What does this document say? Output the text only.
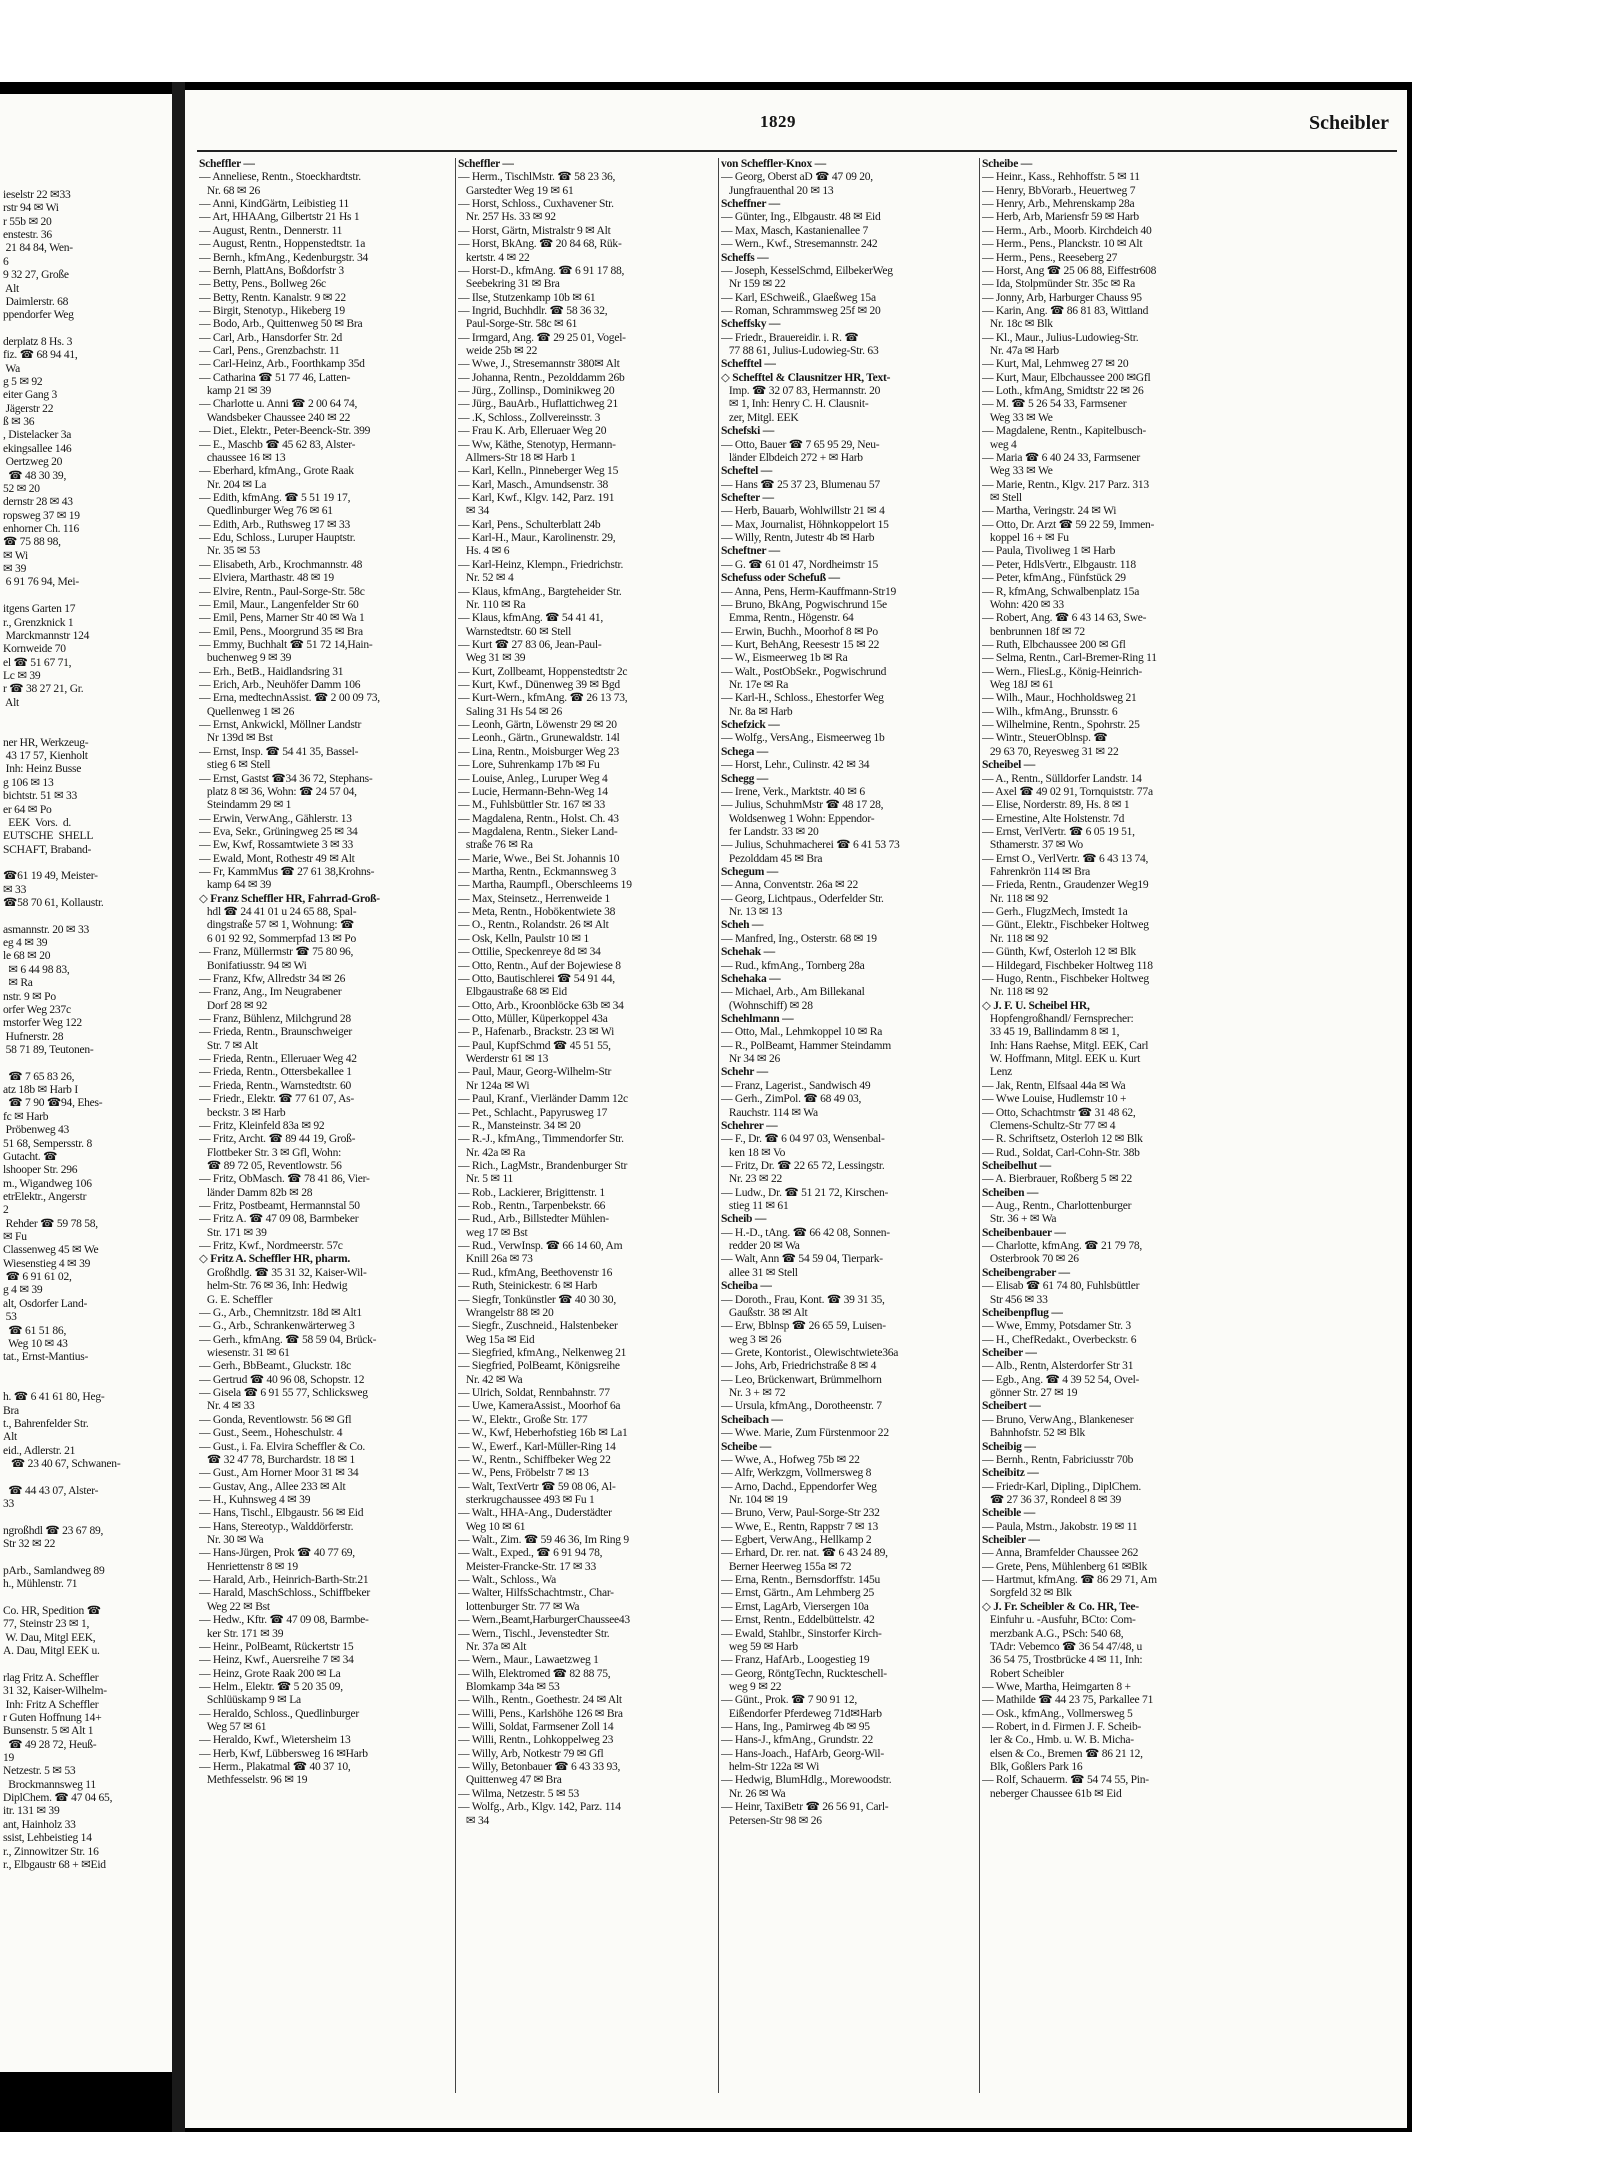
ieselstr 22 ✉33
rstr 94 ✉ Wi
r 55b ✉ 20
enstestr. 36
21 84 84, Wen-
6
9 32 27, Große
Alt
Daimlerstr. 68
ppendorfer Weg
derplatz 8 Hs. 3
fiz. ☎ 68 94 41,
Wa
g 5 ✉ 92
eiter Gang 3
Jägerstr 22
ß ✉ 36
, Distelacker 3a
ekingsallee 146
Oertzweg 20
☎ 48 30 39,
52 ✉ 20
dernstr 28 ✉ 43
ropsweg 37 ✉ 19
enhorner Ch. 116
☎ 75 88 98,
✉ Wi
✉ 39
6 91 76 94, Mei-
itgens Garten 17
r., Grenzknick 1
Marckmannstr 124
Kornweide 70
el ☎ 51 67 71,
Lc ✉ 39
r ☎ 38 27 21, Gr.
Alt
ner HR, Werkzeug-
43 17 57, Kienholt
Inh: Heinz Busse
g 106 ✉ 13
bichtstr. 51 ✉ 33
er 64 ✉ Po
EEK  Vors.  d.
EUTSCHE  SHELL
SCHAFT, Braband-
☎61 19 49, Meister-
✉ 33
☎58 70 61, Kollaustr.
asmannstr. 20 ✉ 33
eg 4 ✉ 39
le 68 ✉ 20
✉ 6 44 98 83,
✉ Ra
nstr. 9 ✉ Po
orfer Weg 237c
mstorfer Weg 122
Hufnerstr. 28
58 71 89, Teutonen-
☎ 7 65 83 26,
atz 18b ✉ Harb I
☎ 7 90 ☎94, Ehes-
fc ✉ Harb
Pröbenweg 43
51 68, Sempersstr. 8
Gutacht. ☎
lshooper Str. 296
m., Wigandweg 106
etrElektr., Angerstr
2
Rehder ☎ 59 78 58,
✉ Fu
Classenweg 45 ✉ We
Wiesenstieg 4 ✉ 39
☎ 6 91 61 02,
g 4 ✉ 39
alt, Osdorfer Land-
53
☎ 61 51 86,
Weg 10 ✉ 43
tat., Ernst-Mantius-
h. ☎ 6 41 61 80, Heg-
Bra
t., Bahrenfelder Str.
Alt
eid., Adlerstr. 21
☎ 23 40 67, Schwanen-
☎ 44 43 07, Alster-
33
ngroßhdl ☎ 23 67 89,
Str 32 ✉ 22
pArb., Samlandweg 89
h., Mühlenstr. 71
Co. HR, Spedition ☎
77, Steinstr 23 ✉ 1,
W. Dau, Mitgl EEK,
A. Dau, Mitgl EEK u.
rlag Fritz A. Scheffler
31 32, Kaiser-Wilhelm-
Inh: Fritz A Scheffler
r Guten Hoffnung 14+
Bunsenstr. 5 ✉ Alt 1
☎ 49 28 72, Heuß-
19
Netzestr. 5 ✉ 53
Brockmannsweg 11
DiplChem. ☎ 47 04 65,
itr. 131 ✉ 39
ant, Hainholz 33
ssist, Lehbeistieg 14
r., Zinnowitzer Str. 16
r., Elbgaustr 68 + ✉Eid
1829	Scheibler
Scheffler —
— Anneliese, Rentn., Stoeckhardtstr.
Nr. 68 ✉ 26
— Anni, KindGärtn, Leibistieg 11
— Art, HHAAng, Gilbertstr 21 Hs 1
— August, Rentn., Dennerstr. 11
— August, Rentn., Hoppenstedtstr. 1a
— Bernh., kfmAng., Kedenburgstr. 34
— Bernh, PlattAns, Boßdorfstr 3
— Betty, Pens., Bollweg 26c
— Betty, Rentn. Kanalstr. 9 ✉ 22
— Birgit, Stenotyp., Hikeberg 19
— Bodo, Arb., Quittenweg 50 ✉ Bra
— Carl, Arb., Hansdorfer Str. 2d
— Carl, Pens., Grenzbachstr. 11
— Carl-Heinz, Arb., Foorthkamp 35d
— Catharina ☎ 51 77 46, Latten-
kamp 21 ✉ 39
— Charlotte u. Anni ☎ 2 00 64 74,
Wandsbeker Chaussee 240 ✉ 22
— Diet., Elektr., Peter-Beenck-Str. 399
— E., Maschb ☎ 45 62 83, Alster-
chaussee 16 ✉ 13
— Eberhard, kfmAng., Grote Raak
Nr. 204 ✉ La
— Edith, kfmAng. ☎ 5 51 19 17,
Quedlinburger Weg 76 ✉ 61
— Edith, Arb., Ruthsweg 17 ✉ 33
— Edu, Schloss., Luruper Hauptstr.
Nr. 35 ✉ 53
— Elisabeth, Arb., Krochmannstr. 48
— Elviera, Marthastr. 48 ✉ 19
— Elvire, Rentn., Paul-Sorge-Str. 58c
— Emil, Maur., Langenfelder Str 60
— Emil, Pens, Marner Str 40 ✉ Wa 1
— Emil, Pens., Moorgrund 35 ✉ Bra
— Emmy, Buchhalt ☎ 51 72 14,Hain-
buchenweg 9 ✉ 39
— Erh., BetB., Haidlandsring 31
— Erich, Arb., Neuhöfer Damm 106
— Erna, medtechnAssist. ☎ 2 00 09 73,
Quellenweg 1 ✉ 26
— Ernst, Ankwickl, Möllner Landstr
Nr 139d ✉ Bst
— Ernst, Insp. ☎ 54 41 35, Bassel-
stieg 6 ✉ Stell
— Ernst, Gastst ☎34 36 72, Stephans-
platz 8 ✉ 36, Wohn: ☎ 24 57 04,
Steindamm 29 ✉ 1
— Erwin, VerwAng., Gählerstr. 13
— Eva, Sekr., Grüningweg 25 ✉ 34
— Ew, Kwf, Rossamtwiete 3 ✉ 33
— Ewald, Mont, Rothestr 49 ✉ Alt
— Fr, KammMus ☎ 27 61 38,Krohns-
kamp 64 ✉ 39
◇ Franz Scheffler HR, Fahrrad-Groß-
hdl ☎ 24 41 01 u 24 65 88, Spal-
dingstraße 57 ✉ 1, Wohnung: ☎
6 01 92 92, Sommerpfad 13 ✉ Po
— Franz, Müllermstr ☎ 75 80 96,
Bonifatiusstr. 94 ✉ Wi
— Franz, Kfw, Allredstr 34 ✉ 26
— Franz, Ang., Im Neugrabener
Dorf 28 ✉ 92
— Franz, Bühlenz, Milchgrund 28
— Frieda, Rentn., Braunschweiger
Str. 7 ✉ Alt
— Frieda, Rentn., Elleruaer Weg 42
— Frieda, Rentn., Ottersbekallee 1
— Frieda, Rentn., Warnstedtstr. 60
— Friedr., Elektr. ☎ 77 61 07, As-
beckstr. 3 ✉ Harb
— Fritz, Kleinfeld 83a ✉ 92
— Fritz, Archt. ☎ 89 44 19, Groß-
Flottbeker Str. 3 ✉ Gfl, Wohn:
☎ 89 72 05, Reventlowstr. 56
— Fritz, ObMasch. ☎ 78 41 86, Vier-
länder Damm 82b ✉ 28
— Fritz, Postbeamt, Hermannstal 50
— Fritz A. ☎ 47 09 08, Barmbeker
Str. 171 ✉ 39
— Fritz, Kwf., Nordmeerstr. 57c
◇ Fritz A. Scheffler HR, pharm.
Großhdlg. ☎ 35 31 32, Kaiser-Wil-
helm-Str. 76 ✉ 36, Inh: Hedwig
G. E. Scheffler
— G., Arb., Chemnitzstr. 18d ✉ Alt1
— G., Arb., Schrankenwärterweg 3
— Gerh., kfmAng. ☎ 58 59 04, Brück-
wiesenstr. 31 ✉ 61
— Gerh., BbBeamt., Gluckstr. 18c
— Gertrud ☎ 40 96 08, Schopstr. 12
— Gisela ☎ 6 91 55 77, Schlicksweg
Nr. 4 ✉ 33
— Gonda, Reventlowstr. 56 ✉ Gfl
— Gust., Seem., Hoheschulstr. 4
— Gust., i. Fa. Elvira Scheffler & Co.
☎ 32 47 78, Burchardstr. 18 ✉ 1
— Gust., Am Horner Moor 31 ✉ 34
— Gustav, Ang., Allee 233 ✉ Alt
— H., Kuhnsweg 4 ✉ 39
— Hans, Tischl., Elbgaustr. 56 ✉ Eid
— Hans, Stereotyp., Walddörferstr.
Nr. 30 ✉ Wa
— Hans-Jürgen, Prok ☎ 40 77 69,
Henriettenstr 8 ✉ 19
— Harald, Arb., Heinrich-Barth-Str.21
— Harald, MaschSchloss., Schiffbeker
Weg 22 ✉ Bst
— Hedw., Kftr. ☎ 47 09 08, Barmbe-
ker Str. 171 ✉ 39
— Heinr., PolBeamt, Rückertstr 15
— Heinz, Kwf., Auersreihe 7 ✉ 34
— Heinz, Grote Raak 200 ✉ La
— Helm., Elektr. ☎ 5 20 35 09,
Schlüüskamp 9 ✉ La
— Heraldo, Schloss., Quedlinburger
Weg 57 ✉ 61
— Heraldo, Kwf., Wietersheim 13
— Herb, Kwf, Lübbersweg 16 ✉Harb
— Herm., Plakatmal ☎ 40 37 10,
Methfesselstr. 96 ✉ 19
Scheffler —
— Herm., TischlMstr. ☎ 58 23 36,
Garstedter Weg 19 ✉ 61
— Horst, Schloss., Cuxhavener Str.
Nr. 257 Hs. 33 ✉ 92
— Horst, Gärtn, Mistralstr 9 ✉ Alt
— Horst, BkAng. ☎ 20 84 68, Rük-
kertstr. 4 ✉ 22
— Horst-D., kfmAng. ☎ 6 91 17 88,
Seebekring 31 ✉ Bra
— Ilse, Stutzenkamp 10b ✉ 61
— Ingrid, Buchhdlr. ☎ 58 36 32,
Paul-Sorge-Str. 58c ✉ 61
— Irmgard, Ang. ☎ 29 25 01, Vogel-
weide 25b ✉ 22
— Wwe, J., Stresemannstr 380✉ Alt
— Johanna, Rentn., Pezolddamm 26b
— Jürg., Zollinsp., Dominikweg 20
— Jürg., BauArb., Huflattichweg 21
— .K, Schloss., Zollvereinsstr. 3
— Frau K. Arb, Elleruaer Weg 20
— Ww, Käthe, Stenotyp, Hermann-
Allmers-Str 18 ✉ Harb 1
— Karl, Kelln., Pinneberger Weg 15
— Karl, Masch., Amundsenstr. 38
— Karl, Kwf., Klgv. 142, Parz. 191
✉ 34
— Karl, Pens., Schulterblatt 24b
— Karl-H., Maur., Karolinenstr. 29,
Hs. 4 ✉ 6
— Karl-Heinz, Klempn., Friedrichstr.
Nr. 52 ✉ 4
— Klaus, kfmAng., Bargteheider Str.
Nr. 110 ✉ Ra
— Klaus, kfmAng. ☎ 54 41 41,
Warnstedtstr. 60 ✉ Stell
— Kurt ☎ 27 83 06, Jean-Paul-
Weg 31 ✉ 39
— Kurt, Zollbeamt, Hoppenstedtstr 2c
— Kurt, Kwf., Dünenweg 39 ✉ Bgd
— Kurt-Wern., kfmAng. ☎ 26 13 73,
Saling 31 Hs 54 ✉ 26
— Leonh, Gärtn, Löwenstr 29 ✉ 20
— Leonh., Gärtn., Grunewaldstr. 14l
— Lina, Rentn., Moisburger Weg 23
— Lore, Suhrenkamp 17b ✉ Fu
— Louise, Anleg., Luruper Weg 4
— Lucie, Hermann-Behn-Weg 14
— M., Fuhlsbüttler Str. 167 ✉ 33
— Magdalena, Rentn., Holst. Ch. 43
— Magdalena, Rentn., Sieker Land-
straße 76 ✉ Ra
— Marie, Wwe., Bei St. Johannis 10
— Martha, Rentn., Eckmannsweg 3
— Martha, Raumpfl., Oberschleems 19
— Max, Steinsetz., Herrenweide 1
— Meta, Rentn., Hobökentwiete 38
— O., Rentn., Rolandstr. 26 ✉ Alt
— Osk, Kelln, Paulstr 10 ✉ 1
— Ottilie, Speckenreye 8d ✉ 34
— Otto, Rentn., Auf der Bojewiese 8
— Otto, Bautischlerei ☎ 54 91 44,
Elbgaustraße 68 ✉ Eid
— Otto, Arb., Kroonblöcke 63b ✉ 34
— Otto, Müller, Küperkoppel 43a
— P., Hafenarb., Brackstr. 23 ✉ Wi
— Paul, KupfSchmd ☎ 45 51 55,
Werderstr 61 ✉ 13
— Paul, Maur, Georg-Wilhelm-Str
Nr 124a ✉ Wi
— Paul, Kranf., Vierländer Damm 12c
— Pet., Schlacht., Papyrusweg 17
— R., Mansteinstr. 34 ✉ 20
— R.-J., kfmAng., Timmendorfer Str.
Nr. 42a ✉ Ra
— Rich., LagMstr., Brandenburger Str
Nr. 5 ✉ 11
— Rob., Lackierer, Brigittenstr. 1
— Rob., Rentn., Tarpenbekstr. 66
— Rud., Arb., Billstedter Mühlen-
weg 17 ✉ Bst
— Rud., VerwInsp. ☎ 66 14 60, Am
Knill 26a ✉ 73
— Rud., kfmAng, Beethovenstr 16
— Ruth, Steinickestr. 6 ✉ Harb
— Siegfr, Tonkünstler ☎ 40 30 30,
Wrangelstr 88 ✉ 20
— Siegfr., Zuschneid., Halstenbeker
Weg 15a ✉ Eid
— Siegfried, kfmAng., Nelkenweg 21
— Siegfried, PolBeamt, Königsreihe
Nr. 42 ✉ Wa
— Ulrich, Soldat, Rennbahnstr. 77
— Uwe, KameraAssist., Moorhof 6a
— W., Elektr., Große Str. 177
— W., Kwf, Heberhofstieg 16b ✉ La1
— W., Ewerf., Karl-Müller-Ring 14
— W., Rentn., Schiffbeker Weg 22
— W., Pens, Fröbelstr 7 ✉ 13
— Walt, TextVertr ☎ 59 08 06, Al-
sterkrugchaussee 493 ✉ Fu 1
— Walt., HHA-Ang., Duderstädter
Weg 10 ✉ 61
— Walt., Zim. ☎ 59 46 36, Im Ring 9
— Walt., Exped., ☎ 6 91 94 78,
Meister-Francke-Str. 17 ✉ 33
— Walt., Schloss., Wa
— Walter, HilfsSchachtmstr., Char-
lottenburger Str. 77 ✉ Wa
— Wern.,Beamt,HarburgerChaussee43
— Wern., Tischl., Jevenstedter Str.
Nr. 37a ✉ Alt
— Wern., Maur., Lawaetzweg 1
— Wilh, Elektromed ☎ 82 88 75,
Blomkamp 34a ✉ 53
— Wilh., Rentn., Goethestr. 24 ✉ Alt
— Willi, Pens., Karlshöhe 126 ✉ Bra
— Willi, Soldat, Farmsener Zoll 14
— Willi, Rentn., Lohkoppelweg 23
— Willy, Arb, Notkestr 79 ✉ Gfl
— Willy, Betonbauer ☎ 6 43 33 93,
Quittenweg 47 ✉ Bra
— Wilma, Netzestr. 5 ✉ 53
— Wolfg., Arb., Klgv. 142, Parz. 114
✉ 34
von Scheffler-Knox —
— Georg, Oberst aD ☎ 47 09 20,
Jungfrauenthal 20 ✉ 13
Scheffner —
— Günter, Ing., Elbgaustr. 48 ✉ Eid
— Max, Masch, Kastanienallee 7
— Wern., Kwf., Stresemannstr. 242
Scheffs —
— Joseph, KesselSchmd, EilbekerWeg
Nr 159 ✉ 22
— Karl, ESchweiß., Glaeßweg 15a
— Roman, Schrammsweg 25f ✉ 20
Scheffsky —
— Friedr., Brauereidir. i. R. ☎
77 88 61, Julius-Ludowieg-Str. 63
Schefftel —
◇ Schefftel & Clausnitzer HR, Text-
Imp. ☎ 32 07 83, Hermannstr. 20
✉ 1, Inh: Henry C. H. Clausnit-
zer, Mitgl. EEK
Schefski —
— Otto, Bauer ☎ 7 65 95 29, Neu-
länder Elbdeich 272 + ✉ Harb
Scheftel —
— Hans ☎ 25 37 23, Blumenau 57
Schefter —
— Herb, Bauarb, Wohlwillstr 21 ✉ 4
— Max, Journalist, Höhnkoppelort 15
— Willy, Rentn, Jutestr 4b ✉ Harb
Scheftner —
— G. ☎ 61 01 47, Nordheimstr 15
Schefuss oder Schefuß —
— Anna, Pens, Herm-Kauffmann-Str19
— Bruno, BkAng, Pogwischrund 15e
Emma, Rentn., Högenstr. 64
— Erwin, Buchh., Moorhof 8 ✉ Po
— Kurt, BehAng, Reesestr 15 ✉ 22
— W., Eismeerweg 1b ✉ Ra
— Walt., PostObSekr., Pogwischrund
Nr. 17e ✉ Ra
— Karl-H., Schloss., Ehestorfer Weg
Nr. 8a ✉ Harb
Schefzick —
— Wolfg., VersAng., Eismeerweg 1b
Schega —
— Horst, Lehr., Culinstr. 42 ✉ 34
Schegg —
— Irene, Verk., Marktstr. 40 ✉ 6
— Julius, SchuhmMstr ☎ 48 17 28,
Woldsenweg 1 Wohn: Eppendor-
fer Landstr. 33 ✉ 20
— Julius, Schuhmacherei ☎ 6 41 53 73
Pezolddam 45 ✉ Bra
Schegum —
— Anna, Conventstr. 26a ✉ 22
— Georg, Lichtpaus., Oderfelder Str.
Nr. 13 ✉ 13
Scheh —
— Manfred, Ing., Osterstr. 68 ✉ 19
Schehak —
— Rud., kfmAng., Tornberg 28a
Schehaka —
— Michael, Arb., Am Billekanal
(Wohnschiff) ✉ 28
Schehlmann —
— Otto, Mal., Lehmkoppel 10 ✉ Ra
— R., PolBeamt, Hammer Steindamm
Nr 34 ✉ 26
Schehr —
— Franz, Lagerist., Sandwisch 49
— Gerh., ZimPol. ☎ 68 49 03,
Rauchstr. 114 ✉ Wa
Schehrer —
— F., Dr. ☎ 6 04 97 03, Wensenbal-
ken 18 ✉ Vo
— Fritz, Dr. ☎ 22 65 72, Lessingstr.
Nr. 23 ✉ 22
— Ludw., Dr. ☎ 51 21 72, Kirschen-
stieg 11 ✉ 61
Scheib —
— H.-D., tAng. ☎ 66 42 08, Sonnen-
redder 20 ✉ Wa
— Walt, Ann ☎ 54 59 04, Tierpark-
allee 31 ✉ Stell
Scheiba —
— Doroth., Frau, Kont. ☎ 39 31 35,
Gaußstr. 38 ✉ Alt
— Erw, Bblnsp ☎ 26 65 59, Luisen-
weg 3 ✉ 26
— Grete, Kontorist., Olewischtwiete36a
— Johs, Arb, Friedrichstraße 8 ✉ 4
— Leo, Brückenwart, Brümmelhorn
Nr. 3 + ✉ 72
— Ursula, kfmAng., Dorotheenstr. 7
Scheibach —
— Wwe. Marie, Zum Fürstenmoor 22
Scheibe —
— Wwe, A., Hofweg 75b ✉ 22
— Alfr, Werkzgm, Vollmersweg 8
— Arno, Dachd., Eppendorfer Weg
Nr. 104 ✉ 19
— Bruno, Verw, Paul-Sorge-Str 232
— Wwe, E., Rentn, Rappstr 7 ✉ 13
— Egbert, VerwAng., Hellkamp 2
— Erhard, Dr. rer. nat. ☎ 6 43 24 89,
Berner Heerweg 155a ✉ 72
— Erna, Rentn., Bernsdorffstr. 145u
— Ernst, Gärtn., Am Lehmberg 25
— Ernst, LagArb, Viersergen 10a
— Ernst, Rentn., Eddelbüttelstr. 42
— Ewald, Stahlbr., Sinstorfer Kirch-
weg 59 ✉ Harb
— Franz, HafArb., Loogestieg 19
— Georg, RöntgTechn, Ruckteschell-
weg 9 ✉ 22
— Günt., Prok. ☎ 7 90 91 12,
Eißendorfer Pferdeweg 71d✉Harb
— Hans, Ing., Pamirweg 4b ✉ 95
— Hans-J., kfmAng., Grundstr. 22
— Hans-Joach., HafArb, Georg-Wil-
helm-Str 122a ✉ Wi
— Hedwig, BlumHdlg., Morewoodstr.
Nr. 26 ✉ Wa
— Heinr, TaxiBetr ☎ 26 56 91, Carl-
Petersen-Str 98 ✉ 26
Scheibe —
— Heinr., Kass., Rehhoffstr. 5 ✉ 11
— Henry, BbVorarb., Heuertweg 7
— Henry, Arb., Mehrenskamp 28a
— Herb, Arb, Mariensfr 59 ✉ Harb
— Herm., Arb., Moorb. Kirchdeich 40
— Herm., Pens., Planckstr. 10 ✉ Alt
— Herm., Pens., Reeseberg 27
— Horst, Ang ☎ 25 06 88, Eiffestr608
— Ida, Stolpmünder Str. 35c ✉ Ra
— Jonny, Arb, Harburger Chauss 95
— Karin, Ang. ☎ 86 81 83, Wittland
Nr. 18c ✉ Blk
— Kl., Maur., Julius-Ludowieg-Str.
Nr. 47a ✉ Harb
— Kurt, Mal, Lehmweg 27 ✉ 20
— Kurt, Maur, Elbchaussee 200 ✉Gfl
— Loth., kfmAng, Smidtstr 22 ✉ 26
— M. ☎ 5 26 54 33, Farmsener
Weg 33 ✉ We
— Magdalene, Rentn., Kapitelbusch-
weg 4
— Maria ☎ 6 40 24 33, Farmsener
Weg 33 ✉ We
— Marie, Rentn., Klgv. 217 Parz. 313
✉ Stell
— Martha, Veringstr. 24 ✉ Wi
— Otto, Dr. Arzt ☎ 59 22 59, Immen-
koppel 16 + ✉ Fu
— Paula, Tivoliweg 1 ✉ Harb
— Peter, HdlsVertr., Elbgaustr. 118
— Peter, kfmAng., Fünfstück 29
— R, kfmAng, Schwalbenplatz 15a
Wohn: 420 ✉ 33
— Robert, Ang. ☎ 6 43 14 63, Swe-
benbrunnen 18f ✉ 72
— Ruth, Elbchaussee 200 ✉ Gfl
— Selma, Rentn., Carl-Bremer-Ring 11
— Wern., FliesLg., König-Heinrich-
Weg 18J ✉ 61
— Wilh., Maur., Hochholdsweg 21
— Wilh., kfmAng., Brunsstr. 6
— Wilhelmine, Rentn., Spohrstr. 25
— Wintr., SteuerOblnsp. ☎
29 63 70, Reyesweg 31 ✉ 22
Scheibel —
— A., Rentn., Sülldorfer Landstr. 14
— Axel ☎ 49 02 91, Tornquiststr. 77a
— Elise, Norderstr. 89, Hs. 8 ✉ 1
— Ernestine, Alte Holstenstr. 7d
— Ernst, VerlVertr. ☎ 6 05 19 51,
Sthamerstr. 37 ✉ Wo
— Ernst O., VerlVertr. ☎ 6 43 13 74,
Fahrenkrön 114 ✉ Bra
— Frieda, Rentn., Graudenzer Weg19
Nr. 118 ✉ 92
— Gerh., FlugzMech, Imstedt 1a
— Günt., Elektr., Fischbeker Holtweg
Nr. 118 ✉ 92
— Günth, Kwf, Osterloh 12 ✉ Blk
— Hildegard, Fischbeker Holtweg 118
— Hugo, Rentn., Fischbeker Holtweg
Nr. 118 ✉ 92
◇ J. F. U. Scheibel HR,
Hopfengroßhandl/ Fernsprecher:
33 45 19, Ballindamm 8 ✉ 1,
Inh: Hans Raehse, Mitgl. EEK, Carl
W. Hoffmann, Mitgl. EEK u. Kurt
Lenz
— Jak, Rentn, Elfsaal 44a ✉ Wa
— Wwe Louise, Hudlemstr 10 +
— Otto, Schachtmstr ☎ 31 48 62,
Clemens-Schultz-Str 77 ✉ 4
— R. Schriftsetz, Osterloh 12 ✉ Blk
— Rud., Soldat, Carl-Cohn-Str. 38b
Scheibelhut —
— A. Bierbrauer, Roßberg 5 ✉ 22
Scheiben —
— Aug., Rentn., Charlottenburger
Str. 36 + ✉ Wa
Scheibenbauer —
— Charlotte, kfmAng. ☎ 21 79 78,
Osterbrook 70 ✉ 26
Scheibengraber —
— Elisab ☎ 61 74 80, Fuhlsbüttler
Str 456 ✉ 33
Scheibenpflug —
— Wwe, Emmy, Potsdamer Str. 3
— H., ChefRedakt., Overbeckstr. 6
Scheiber —
— Alb., Rentn, Alsterdorfer Str 31
— Egb., Ang. ☎ 4 39 52 54, Ovel-
gönner Str. 27 ✉ 19
Scheibert —
— Bruno, VerwAng., Blankeneser
Bahnhofstr. 52 ✉ Blk
Scheibig —
— Bernh., Rentn, Fabriciusstr 70b
Scheibitz —
— Friedr-Karl, Dipling., DiplChem.
☎ 27 36 37, Rondeel 8 ✉ 39
Scheible —
— Paula, Mstrn., Jakobstr. 19 ✉ 11
Scheibler —
— Anna, Bramfelder Chaussee 262
— Grete, Pens, Mühlenberg 61 ✉Blk
— Hartmut, kfmAng. ☎ 86 29 71, Am
Sorgfeld 32 ✉ Blk
◇ J. Fr. Scheibler & Co. HR, Tee-
Einfuhr u. -Ausfuhr, BCto: Com-
merzbank A.G., PSch: 540 68,
TAdr: Vebemco ☎ 36 54 47/48, u
36 54 75, Trostbrücke 4 ✉ 11, Inh:
Robert Scheibler
— Wwe, Martha, Heimgarten 8 +
— Mathilde ☎ 44 23 75, Parkallee 71
— Osk., kfmAng., Vollmersweg 5
— Robert, in d. Firmen J. F. Scheib-
ler & Co., Hmb. u. W. B. Micha-
elsen & Co., Bremen ☎ 86 21 12,
Blk, Goßlers Park 16
— Rolf, Schauerm. ☎ 54 74 55, Pin-
neberger Chaussee 61b ✉ Eid
